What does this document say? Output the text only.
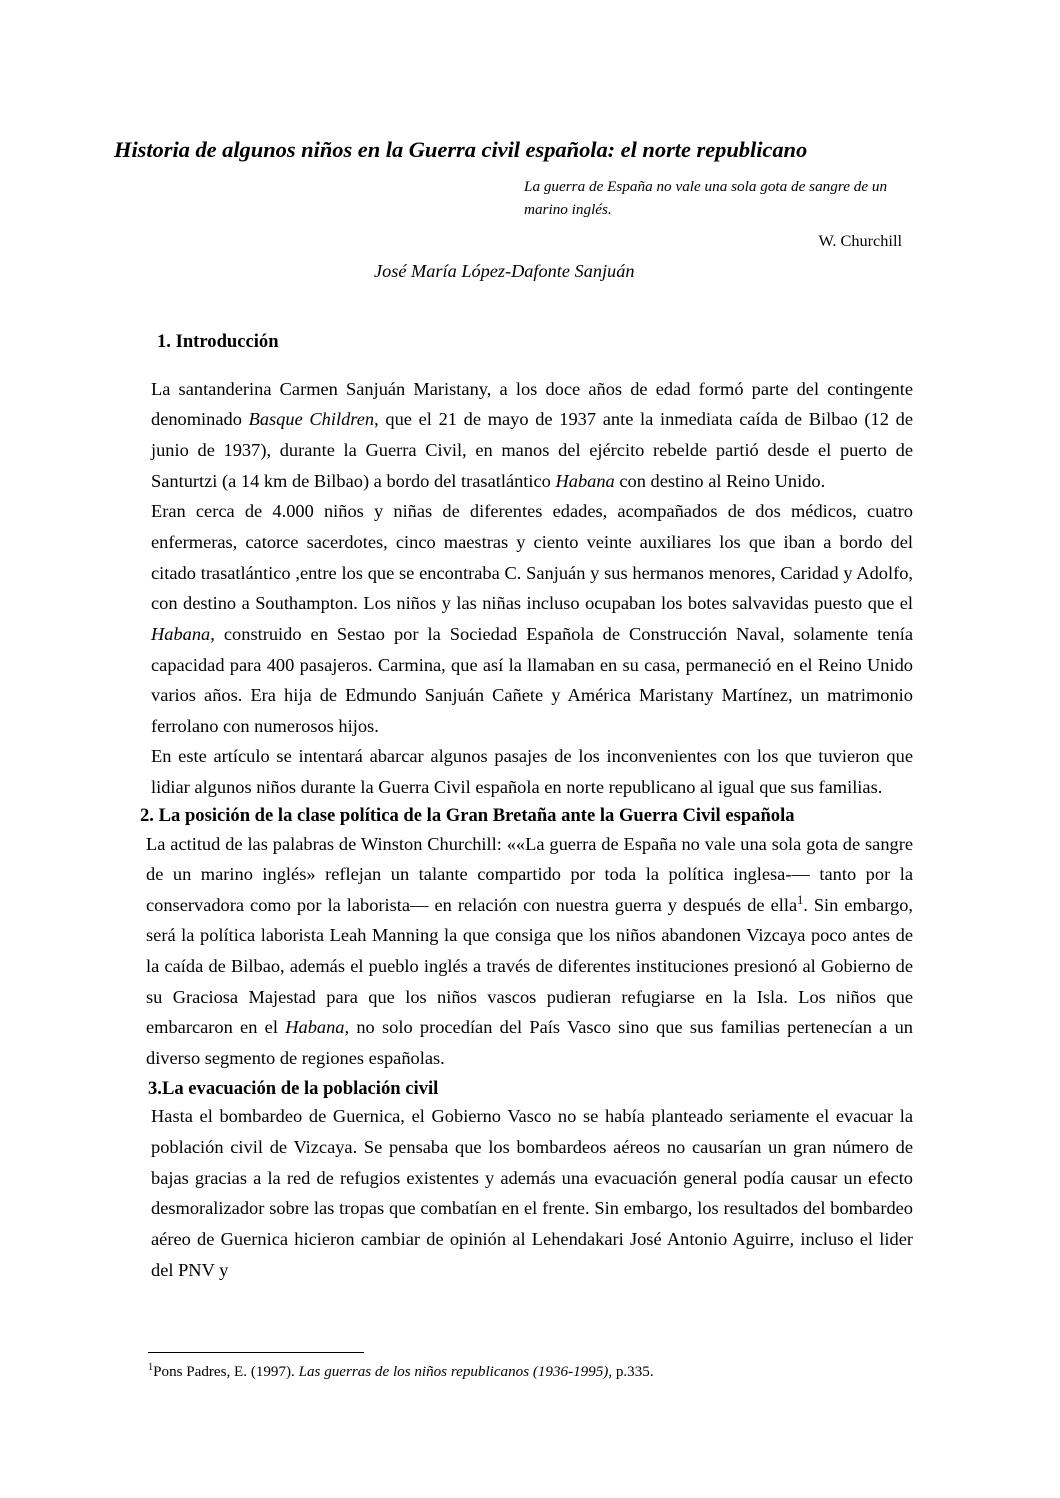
Historia de algunos niños en la Guerra civil española: el norte republicano
La guerra de España no vale una sola gota de sangre de un marino inglés.
W. Churchill
José María López-Dafonte Sanjuán
1. Introducción

La santanderina Carmen Sanjuán Maristany, a los doce años de edad formó parte del contingente denominado Basque Children, que el 21 de mayo de 1937 ante la inmediata caída de Bilbao (12 de junio de 1937), durante la Guerra Civil, en manos del ejército rebelde partió desde el puerto de Santurtzi (a 14 km de Bilbao) a bordo del trasatlántico Habana con destino al Reino Unido.

Eran cerca de 4.000 niños y niñas de diferentes edades, acompañados de dos médicos, cuatro enfermeras, catorce sacerdotes, cinco maestras y ciento veinte auxiliares los que iban a bordo del citado trasatlántico ,entre los que se encontraba C. Sanjuán y sus hermanos menores, Caridad y Adolfo, con destino a Southampton. Los niños y las niñas incluso ocupaban los botes salvavidas puesto que el Habana, construido en Sestao por la Sociedad Española de Construcción Naval, solamente tenía capacidad para 400 pasajeros. Carmina, que así la llamaban en su casa, permaneció en el Reino Unido varios años. Era hija de Edmundo Sanjuán Cañete y América Maristany Martínez, un matrimonio ferrolano con numerosos hijos.

En este artículo se intentará abarcar algunos pasajes de los inconvenientes con los que tuvieron que lidiar algunos niños durante la Guerra Civil española en norte republicano al igual que sus familias.

2. La posición de la clase política de la Gran Bretaña ante la Guerra Civil española

La actitud de las palabras de Winston Churchill: ««La guerra de España no vale una sola gota de sangre de un marino inglés» reflejan un talante compartido por toda la política inglesa-— tanto por la conservadora como por la laborista— en relación con nuestra guerra y después de ella$^1$. Sin embargo, será la política laborista Leah Manning la que consiga que los niños abandonen Vizcaya poco antes de la caída de Bilbao, además el pueblo inglés a través de diferentes instituciones presionó al Gobierno de su Graciosa Majestad para que los niños vascos pudieran refugiarse en la Isla. Los niños que embarcaron en el Habana, no solo procedían del País Vasco sino que sus familias pertenecían a un diverso segmento de regiones españolas.

3.La evacuación de la población civil

Hasta el bombardeo de Guernica, el Gobierno Vasco no se había planteado seriamente el evacuar la población civil de Vizcaya. Se pensaba que los bombardeos aéreos no causarían un gran número de bajas gracias a la red de refugios existentes y además una evacuación general podía causar un efecto desmoralizador sobre las tropas que combatían en el frente. Sin embargo, los resultados del bombardeo aéreo de Guernica hicieron cambiar de opinión al Lehendakari José Antonio Aguirre, incluso el lider del PNV y

$^1$Pons Padres, E. (1997). Las guerras de los niños republicanos (1936-1995), p.335.
